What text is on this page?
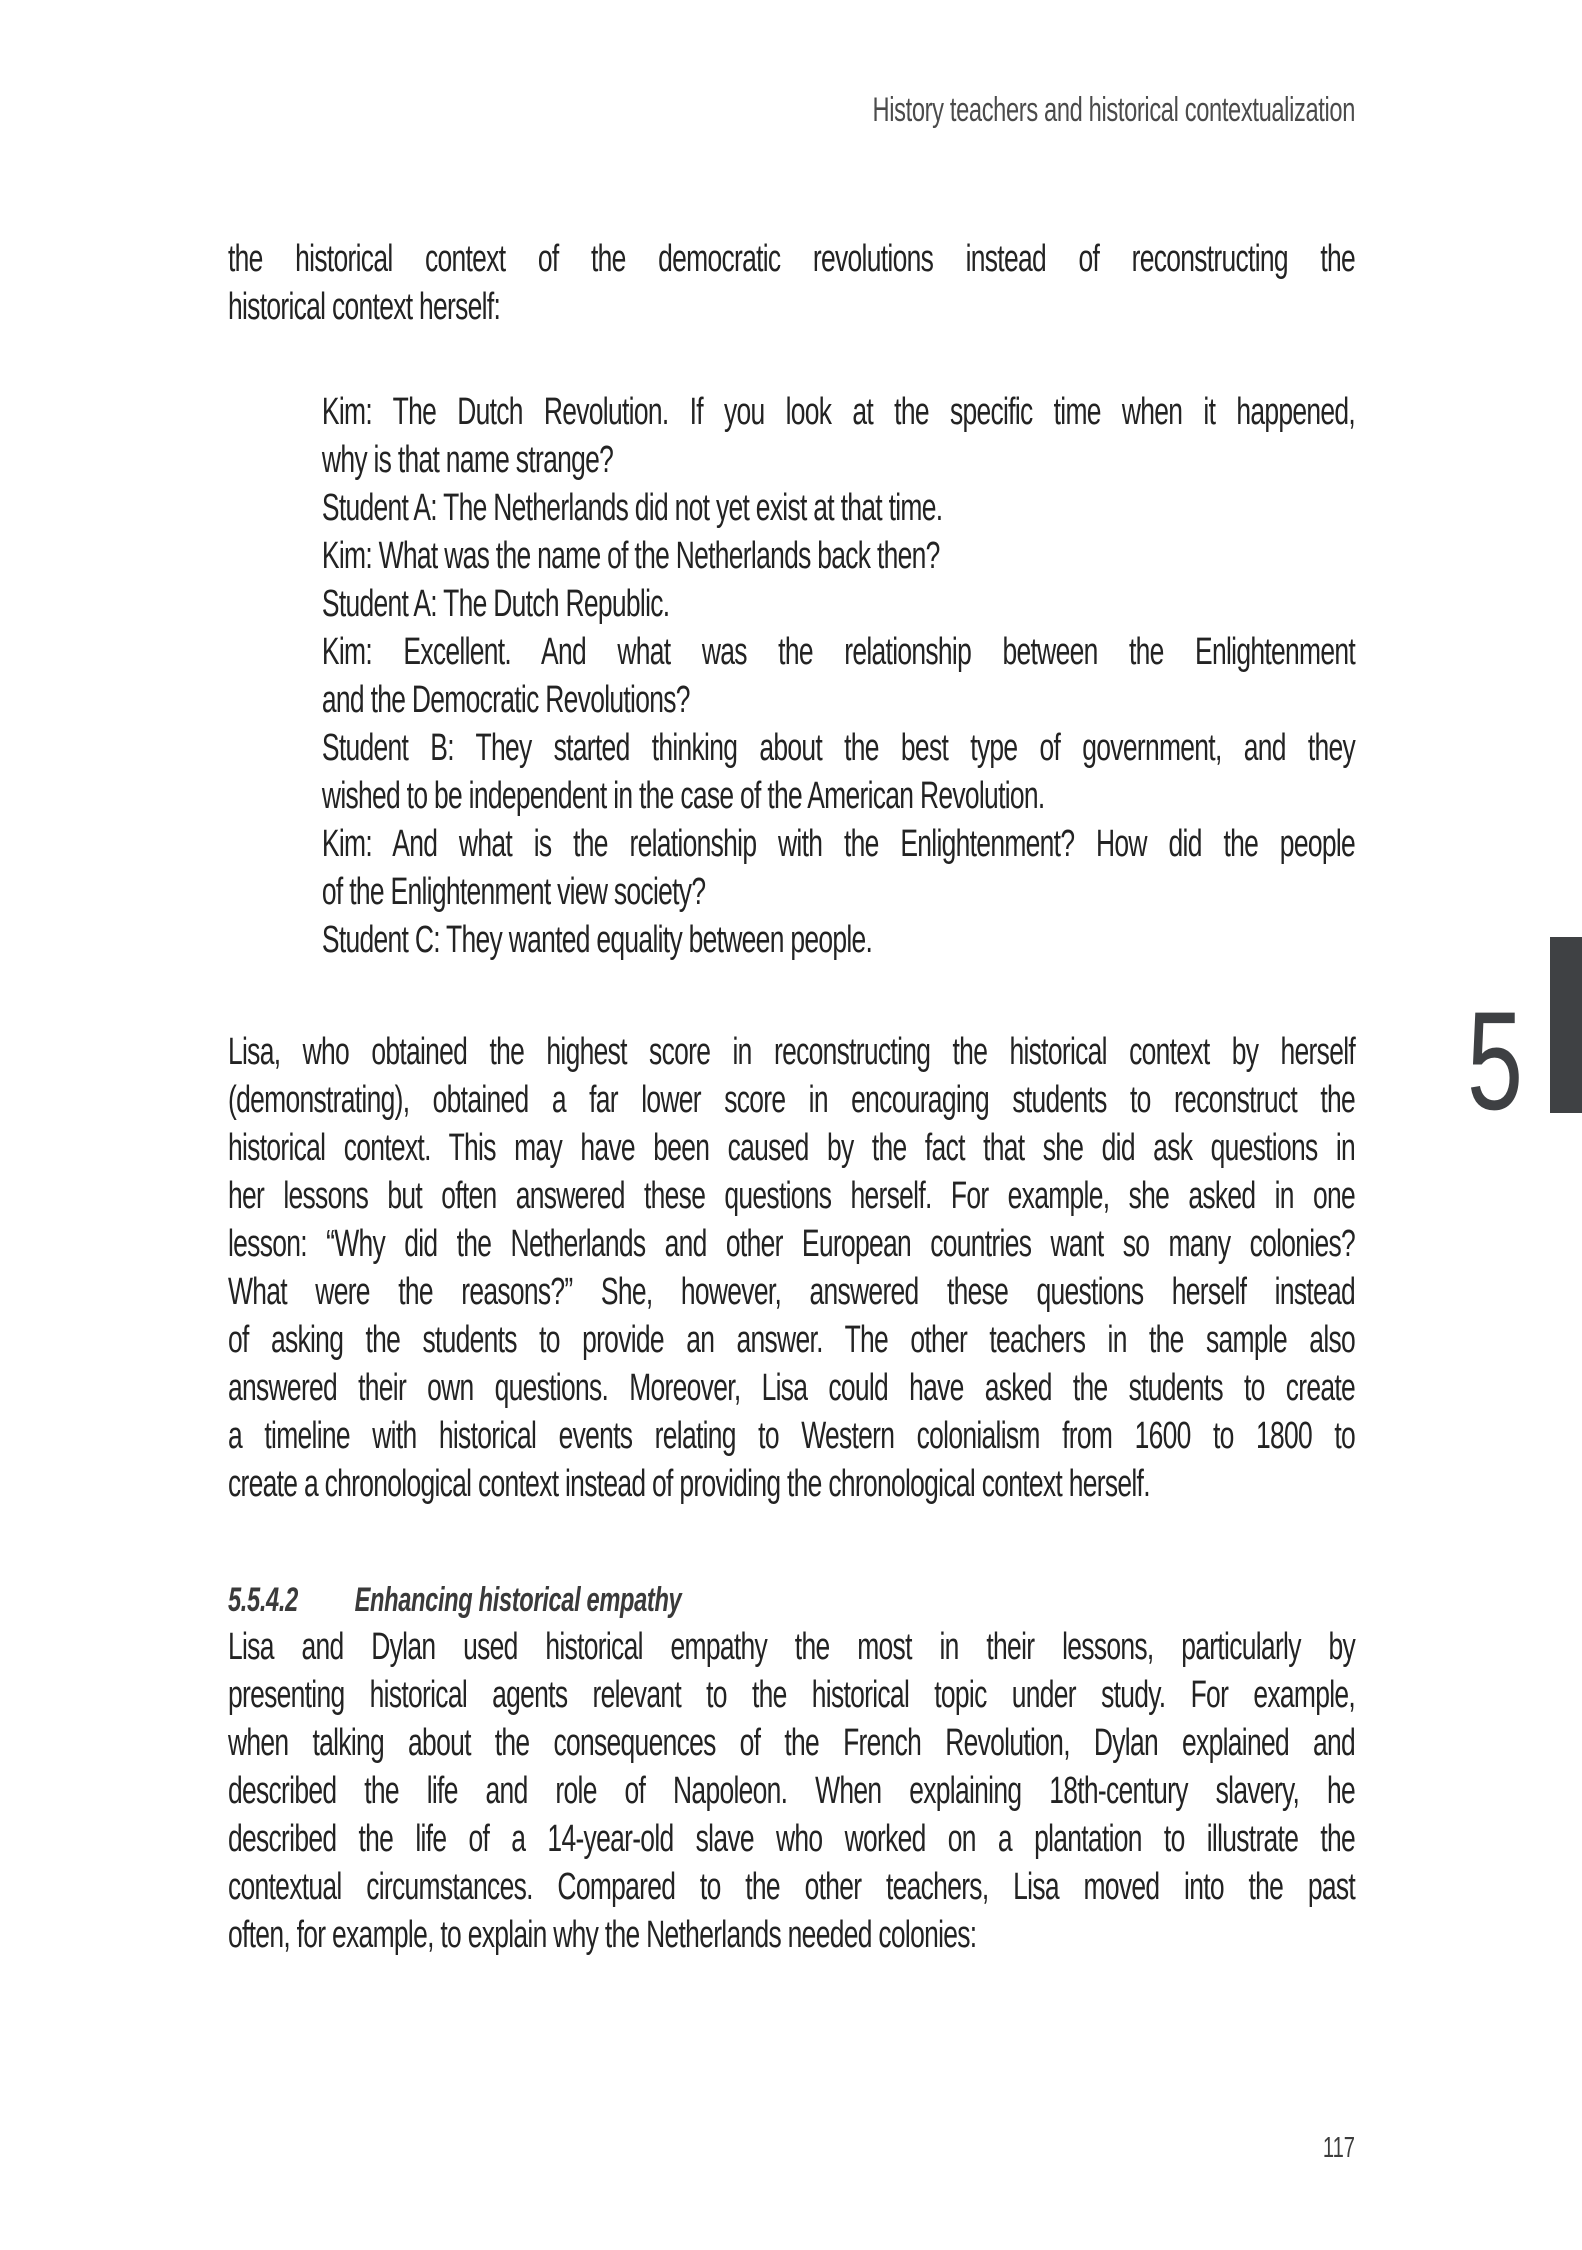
History teachers and historical contextualization
the historical context of the democratic revolutions instead of reconstructing the
historical context herself:
Kim: The Dutch Revolution. If you look at the specific time when it happened,
why is that name strange?
Student A: The Netherlands did not yet exist at that time.
Kim: What was the name of the Netherlands back then?
Student A: The Dutch Republic.
Kim: Excellent. And what was the relationship between the Enlightenment
and the Democratic Revolutions?
Student B: They started thinking about the best type of government, and they
wished to be independent in the case of the American Revolution.
Kim: And what is the relationship with the Enlightenment? How did the people
of the Enlightenment view society?
Student C: They wanted equality between people.
Lisa, who obtained the highest score in reconstructing the historical context by herself
(demonstrating), obtained a far lower score in encouraging students to reconstruct the
historical context. This may have been caused by the fact that she did ask questions in
her lessons but often answered these questions herself. For example, she asked in one
lesson: “Why did the Netherlands and other European countries want so many colonies?
What were the reasons?” She, however, answered these questions herself instead
of asking the students to provide an answer. The other teachers in the sample also
answered their own questions. Moreover, Lisa could have asked the students to create
a timeline with historical events relating to Western colonialism from 1600 to 1800 to
create a chronological context instead of providing the chronological context herself.
5.5.4.2 Enhancing historical empathy
Lisa and Dylan used historical empathy the most in their lessons, particularly by
presenting historical agents relevant to the historical topic under study. For example,
when talking about the consequences of the French Revolution, Dylan explained and
described the life and role of Napoleon. When explaining 18th-century slavery, he
described the life of a 14-year-old slave who worked on a plantation to illustrate the
contextual circumstances. Compared to the other teachers, Lisa moved into the past
often, for example, to explain why the Netherlands needed colonies:
117
5
